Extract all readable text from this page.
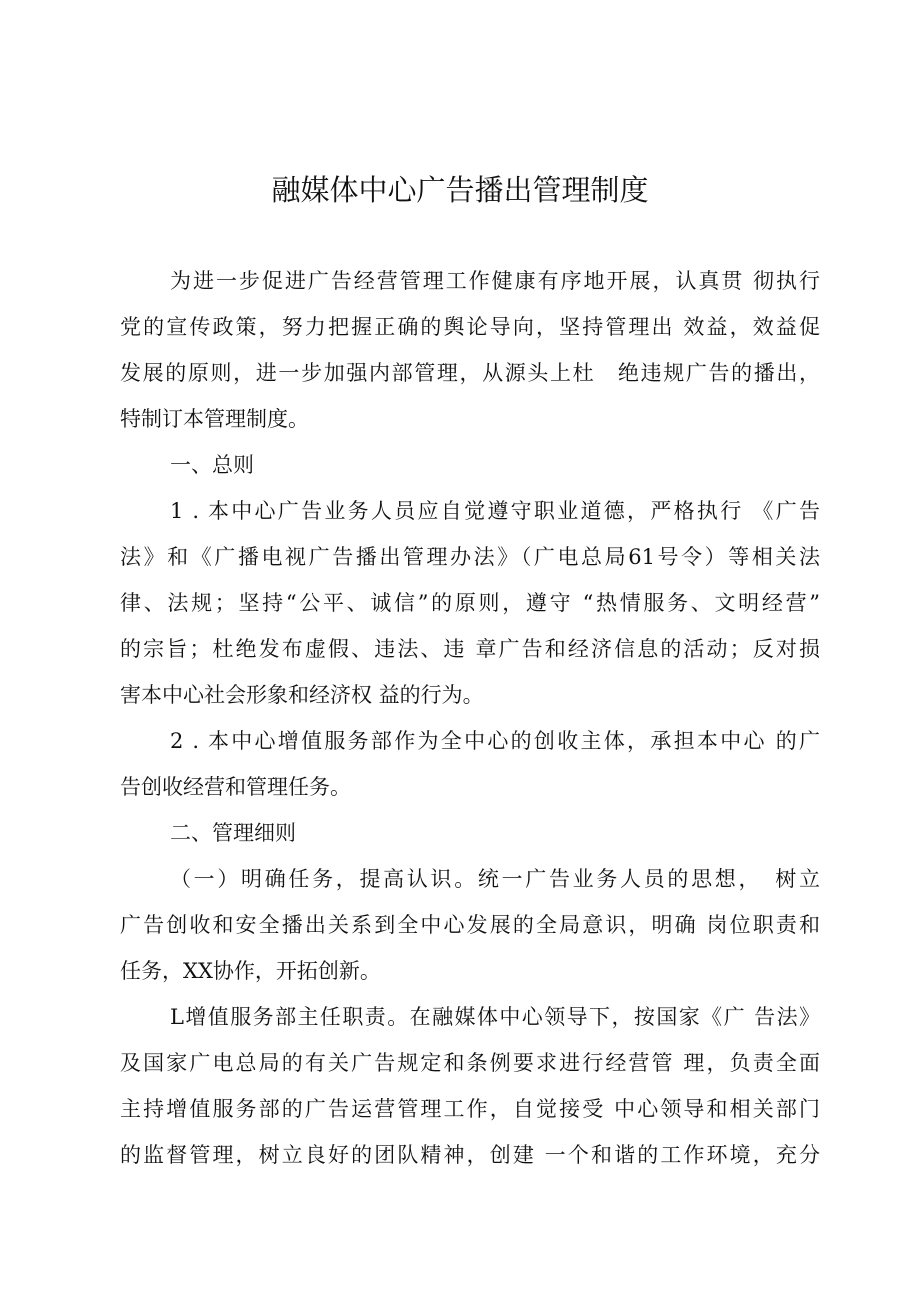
融媒体中心广告播出管理制度
为进一步促进广告经营管理工作健康有序地开展，认真贯 彻执行
党的宣传政策，努力把握正确的舆论导向，坚持管理出 效益，效益促
发展的原则，进一步加强内部管理，从源头上杜　绝违规广告的播出，
特制订本管理制度。
一、总则
1 . 本中心广告业务人员应自觉遵守职业道德，严格执行 《广告
法》和《广播电视广告播出管理办法》（广电总局61号令）等相关法
律、法规；坚持“公平、诚信”的原则，遵守 “热情服务、文明经营”
的宗旨；杜绝发布虚假、违法、违 章广告和经济信息的活动；反对损
害本中心社会形象和经济权 益的行为。
2 . 本中心增值服务部作为全中心的创收主体，承担本中心 的广
告创收经营和管理任务。
二、管理细则
（一）明确任务，提高认识。统一广告业务人员的思想，　树立
广告创收和安全播出关系到全中心发展的全局意识，明确 岗位职责和
任务，XX协作，开拓创新。
L增值服务部主任职责。在融媒体中心领导下，按国家《广 告法》
及国家广电总局的有关广告规定和条例要求进行经营管 理，负责全面
主持增值服务部的广告运营管理工作，自觉接受 中心领导和相关部门
的监督管理，树立良好的团队精神，创建 一个和谐的工作环境，充分
